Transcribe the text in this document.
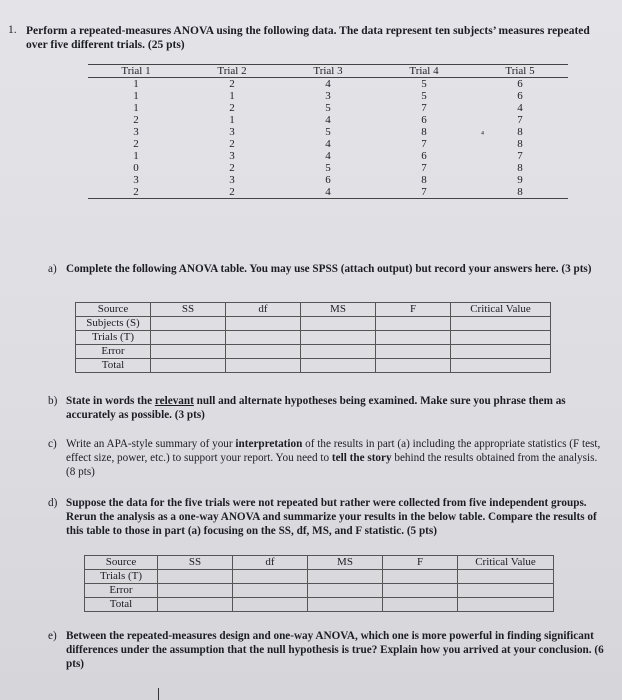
1. Perform a repeated-measures ANOVA using the following data. The data represent ten subjects’ measures repeated over five different trials. (25 pts)
Trial 1	Trial 2	Trial 3	Trial 4	Trial 5
1	2	4	5	6
1	1	3	5	6
1	2	5	7	4
2	1	4	6	7
3	3	5	8	8
2	2	4	7	8
1	3	4	6	7
0	2	5	7	8
3	3	6	8	9
2	2	4	7	8
⁴
a) Complete the following ANOVA table. You may use SPSS (attach output) but record your answers here. (3 pts)
Source	SS	df	MS	F	Critical Value
Subjects (S)					
Trials (T)					
Error					
Total					
b) State in words the relevant null and alternate hypotheses being examined. Make sure you phrase them as accurately as possible. (3 pts)
c) Write an APA-style summary of your interpretation of the results in part (a) including the appropriate statistics (F test, effect size, power, etc.) to support your report. You need to tell the story behind the results obtained from the analysis. (8 pts)
d) Suppose the data for the five trials were not repeated but rather were collected from five independent groups. Rerun the analysis as a one-way ANOVA and summarize your results in the below table. Compare the results of this table to those in part (a) focusing on the SS, df, MS, and F statistic. (5 pts)
Source	SS	df	MS	F	Critical Value
Trials (T)					
Error					
Total					
e) Between the repeated-measures design and one-way ANOVA, which one is more powerful in finding significant differences under the assumption that the null hypothesis is true? Explain how you arrived at your conclusion. (6 pts)
